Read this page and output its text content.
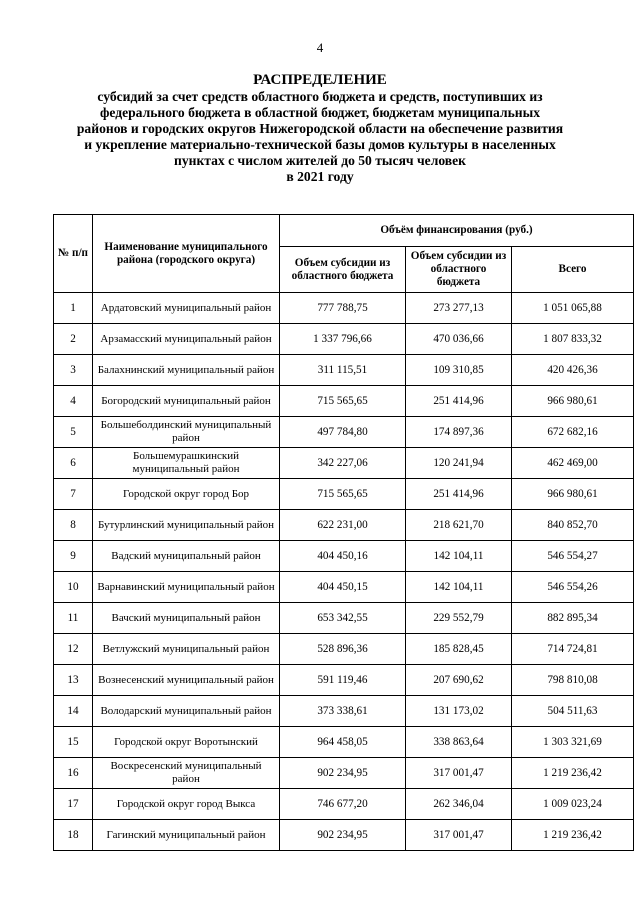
4
РАСПРЕДЕЛЕНИЕ
субсидий за счет средств областного бюджета и средств, поступивших из
федерального бюджета в областной бюджет, бюджетам муниципальных
районов и городских округов Нижегородской области на обеспечение развития
и укрепление материально-технической базы домов культуры в населенных
пунктах с числом жителей до 50 тысяч человек
в 2021 году
№ п/п	Наименование муниципального района (городского округа)	Объём финансирования (руб.)		
		Объем субсидии из областного бюджета	Объем субсидии из областного бюджета	Всего
1	Ардатовский муниципальный район	777 788,75	273 277,13	1 051 065,88
2	Арзамасский муниципальный район	1 337 796,66	470 036,66	1 807 833,32
3	Балахнинский муниципальный район	311 115,51	109 310,85	420 426,36
4	Богородский муниципальный район	715 565,65	251 414,96	966 980,61
5	Большеболдинский муниципальный район	497 784,80	174 897,36	672 682,16
6	Большемурашкинский муниципальный район	342 227,06	120 241,94	462 469,00
7	Городской округ город Бор	715 565,65	251 414,96	966 980,61
8	Бутурлинский муниципальный район	622 231,00	218 621,70	840 852,70
9	Вадский муниципальный район	404 450,16	142 104,11	546 554,27
10	Варнавинский муниципальный район	404 450,15	142 104,11	546 554,26
11	Вачский муниципальный район	653 342,55	229 552,79	882 895,34
12	Ветлужский муниципальный район	528 896,36	185 828,45	714 724,81
13	Вознесенский муниципальный район	591 119,46	207 690,62	798 810,08
14	Володарский муниципальный район	373 338,61	131 173,02	504 511,63
15	Городской округ Воротынский	964 458,05	338 863,64	1 303 321,69
16	Воскресенский муниципальный район	902 234,95	317 001,47	1 219 236,42
17	Городской округ город Выкса	746 677,20	262 346,04	1 009 023,24
18	Гагинский муниципальный район	902 234,95	317 001,47	1 219 236,42
